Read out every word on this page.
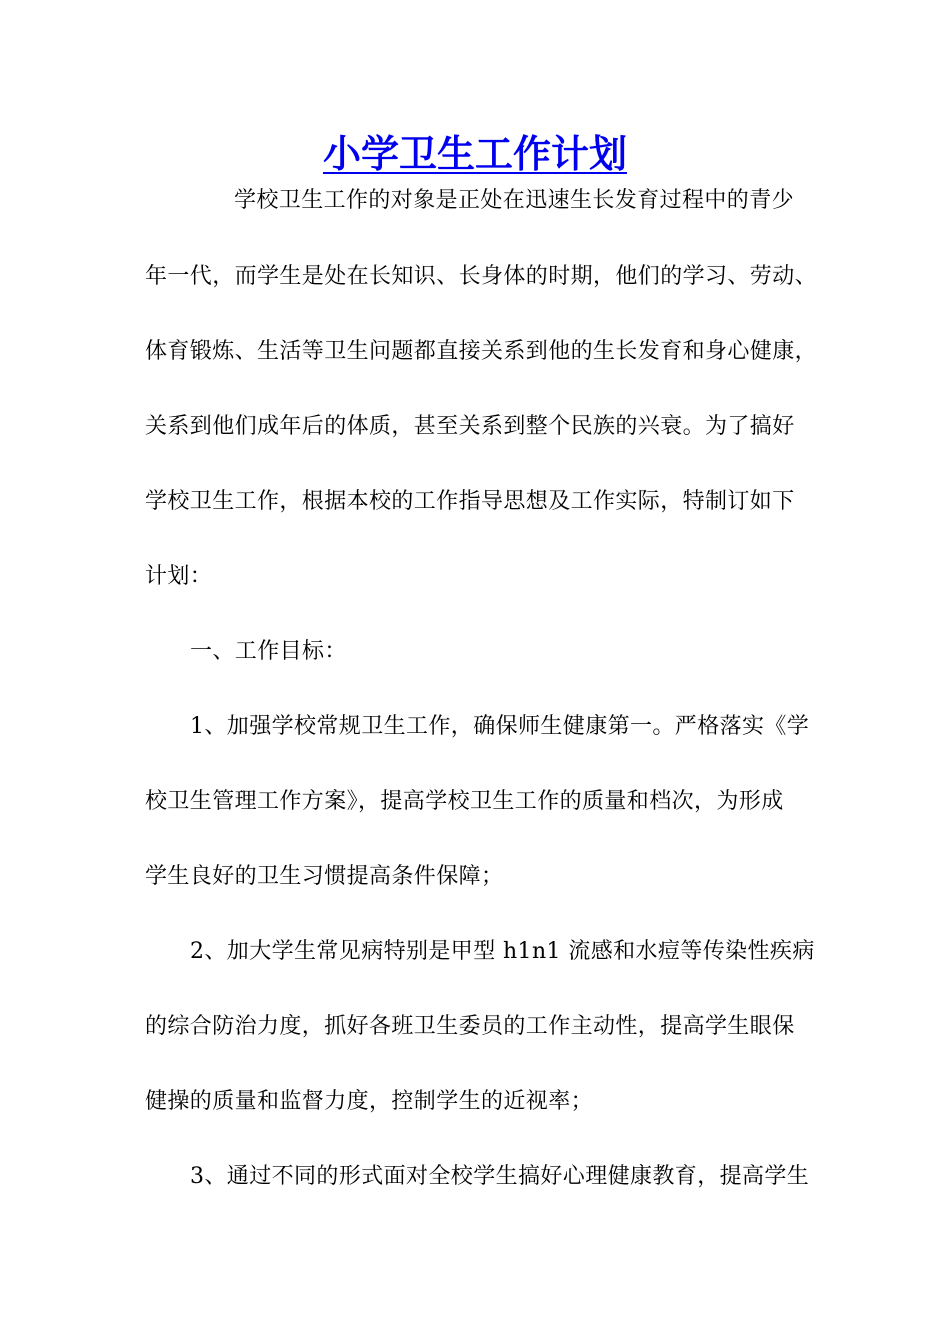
小学卫生工作计划
学校卫生工作的对象是正处在迅速生长发育过程中的青少
年一代，而学生是处在长知识、长身体的时期，他们的学习、劳动、
体育锻炼、生活等卫生问题都直接关系到他的生长发育和身心健康，
关系到他们成年后的体质，甚至关系到整个民族的兴衰。为了搞好
学校卫生工作，根据本校的工作指导思想及工作实际，特制订如下
计划：
一、工作目标：
1、加强学校常规卫生工作，确保师生健康第一。严格落实《学
校卫生管理工作方案》，提高学校卫生工作的质量和档次，为形成
学生良好的卫生习惯提高条件保障；
2、加大学生常见病特别是甲型 h1n1 流感和水痘等传染性疾病
的综合防治力度，抓好各班卫生委员的工作主动性，提高学生眼保
健操的质量和监督力度，控制学生的近视率；
3、通过不同的形式面对全校学生搞好心理健康教育，提高学生
